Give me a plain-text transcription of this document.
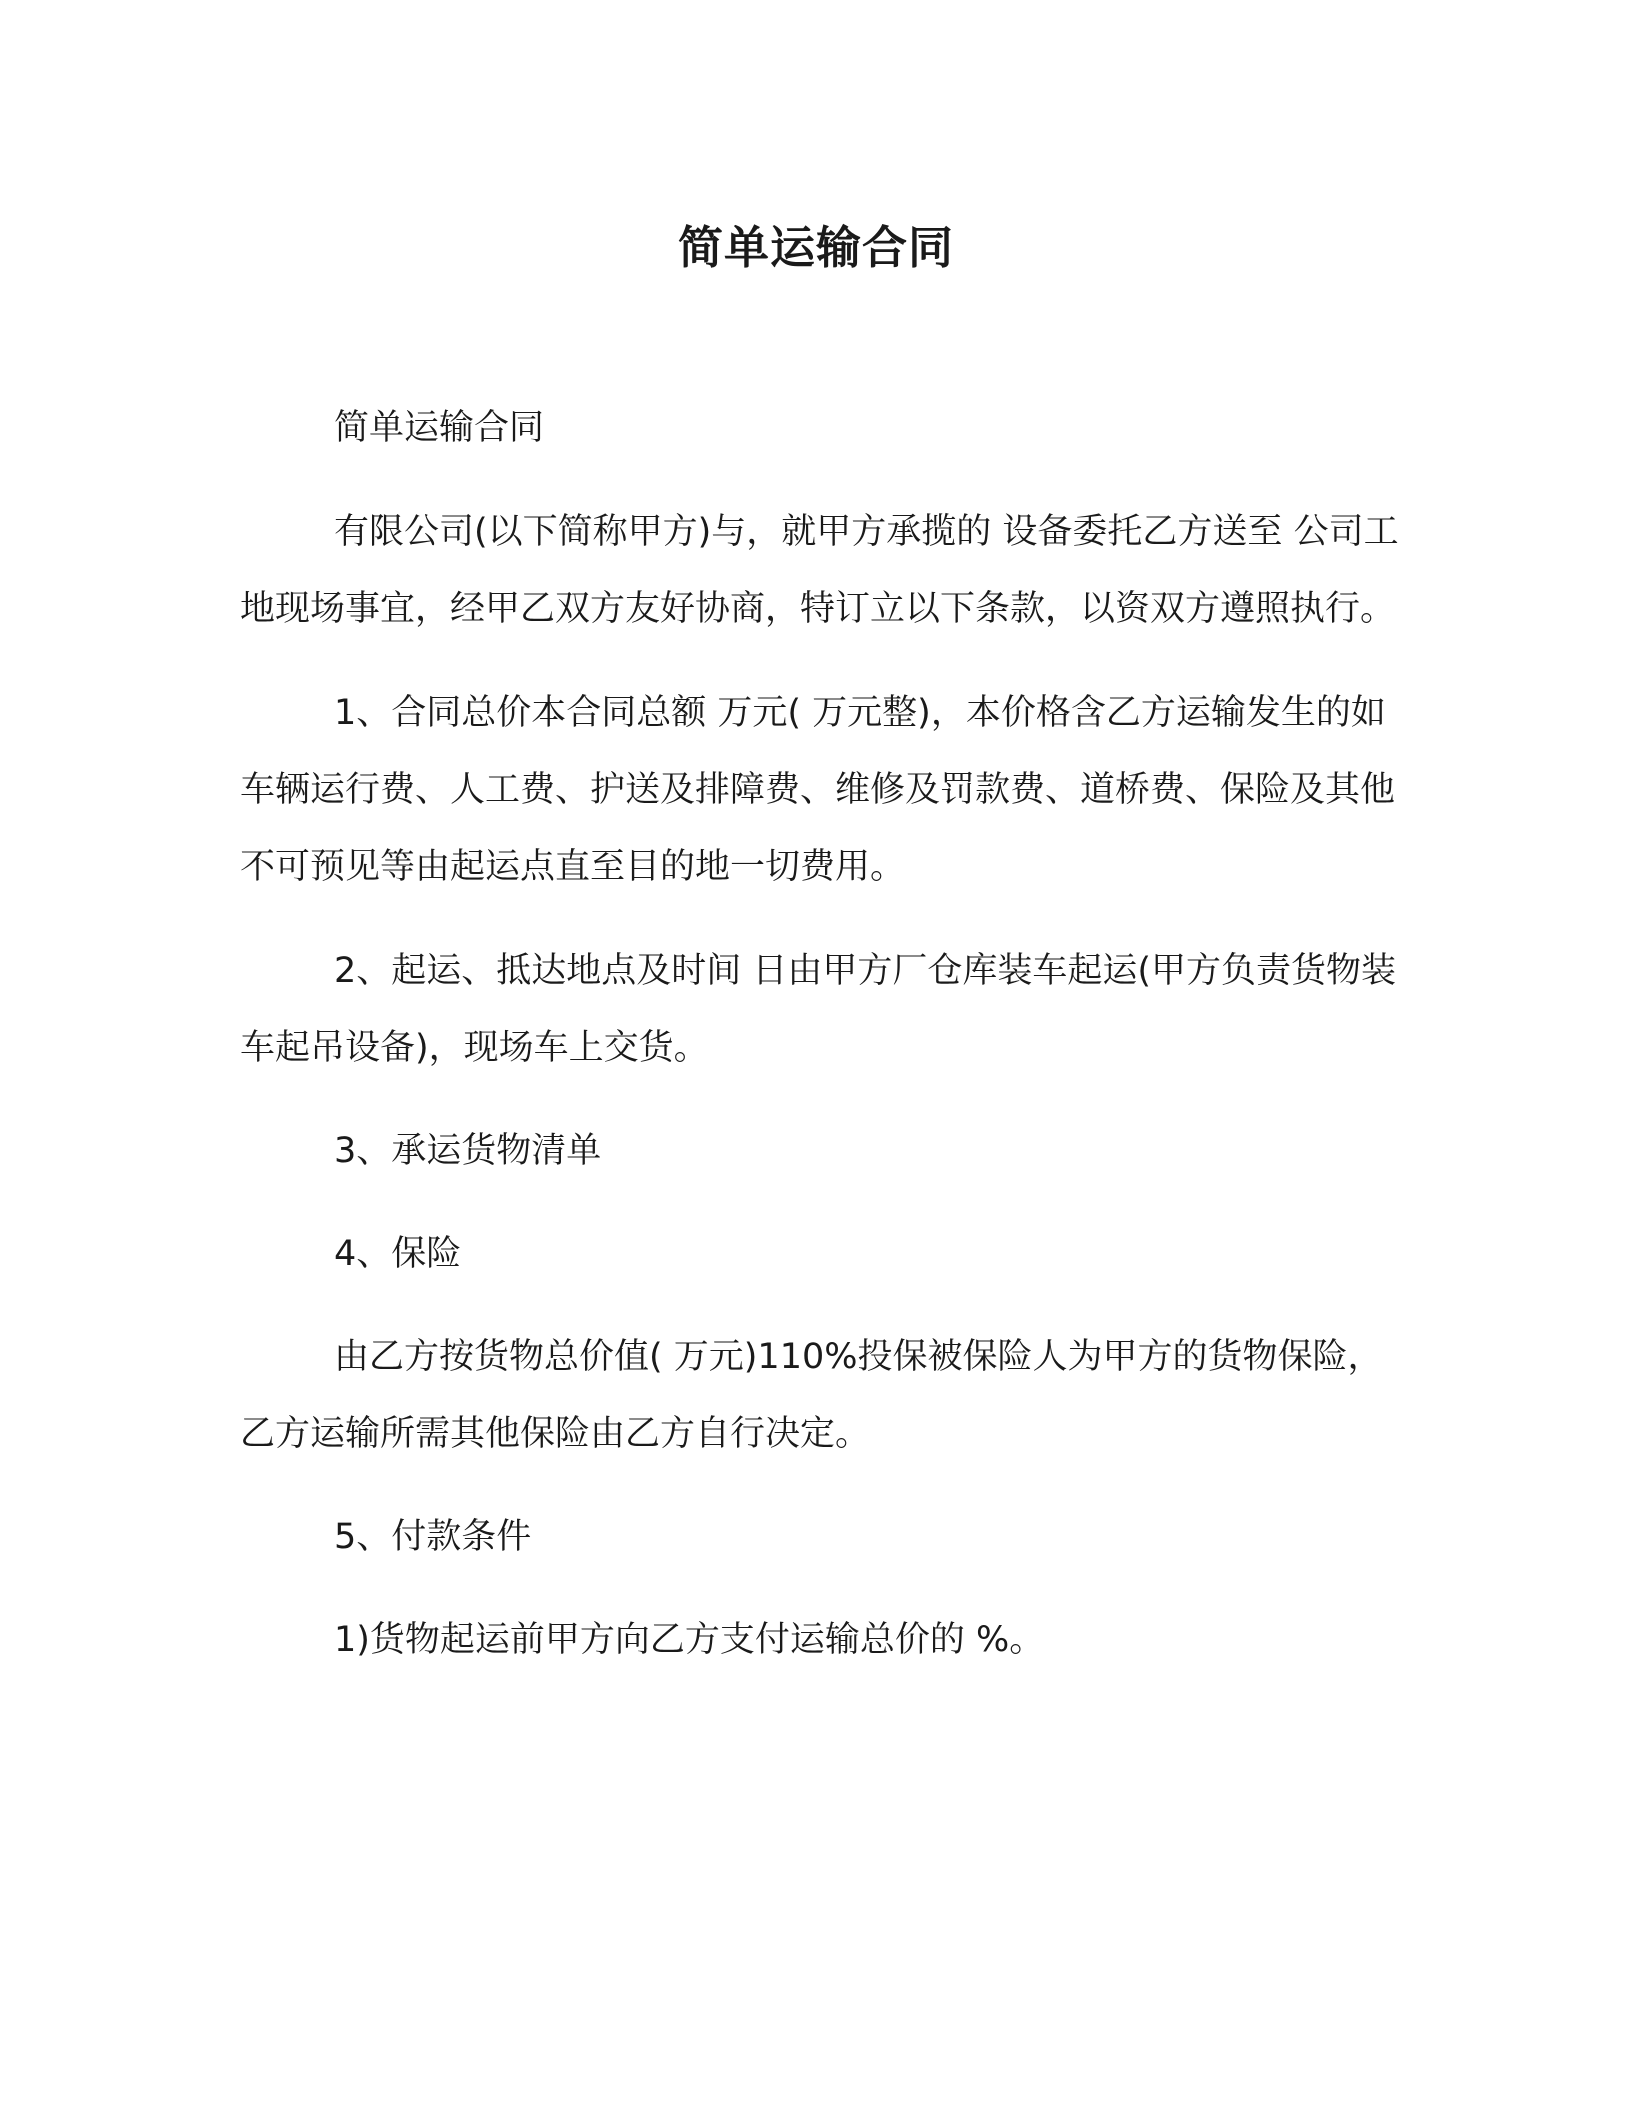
简单运输合同

简单运输合同

有限公司(以下简称甲方)与，就甲方承揽的 设备委托乙方送至 公司工地现场事宜，经甲乙双方友好协商，特订立以下条款，以资双方遵照执行。

1、合同总价本合同总额 万元( 万元整)，本价格含乙方运输发生的如车辆运行费、人工费、护送及排障费、维修及罚款费、道桥费、保险及其他不可预见等由起运点直至目的地一切费用。

2、起运、抵达地点及时间 日由甲方厂仓库装车起运(甲方负责货物装车起吊设备)，现场车上交货。

3、承运货物清单

4、保险

由乙方按货物总价值( 万元)110%投保被保险人为甲方的货物保险，乙方运输所需其他保险由乙方自行决定。

5、付款条件

1)货物起运前甲方向乙方支付运输总价的 %。
